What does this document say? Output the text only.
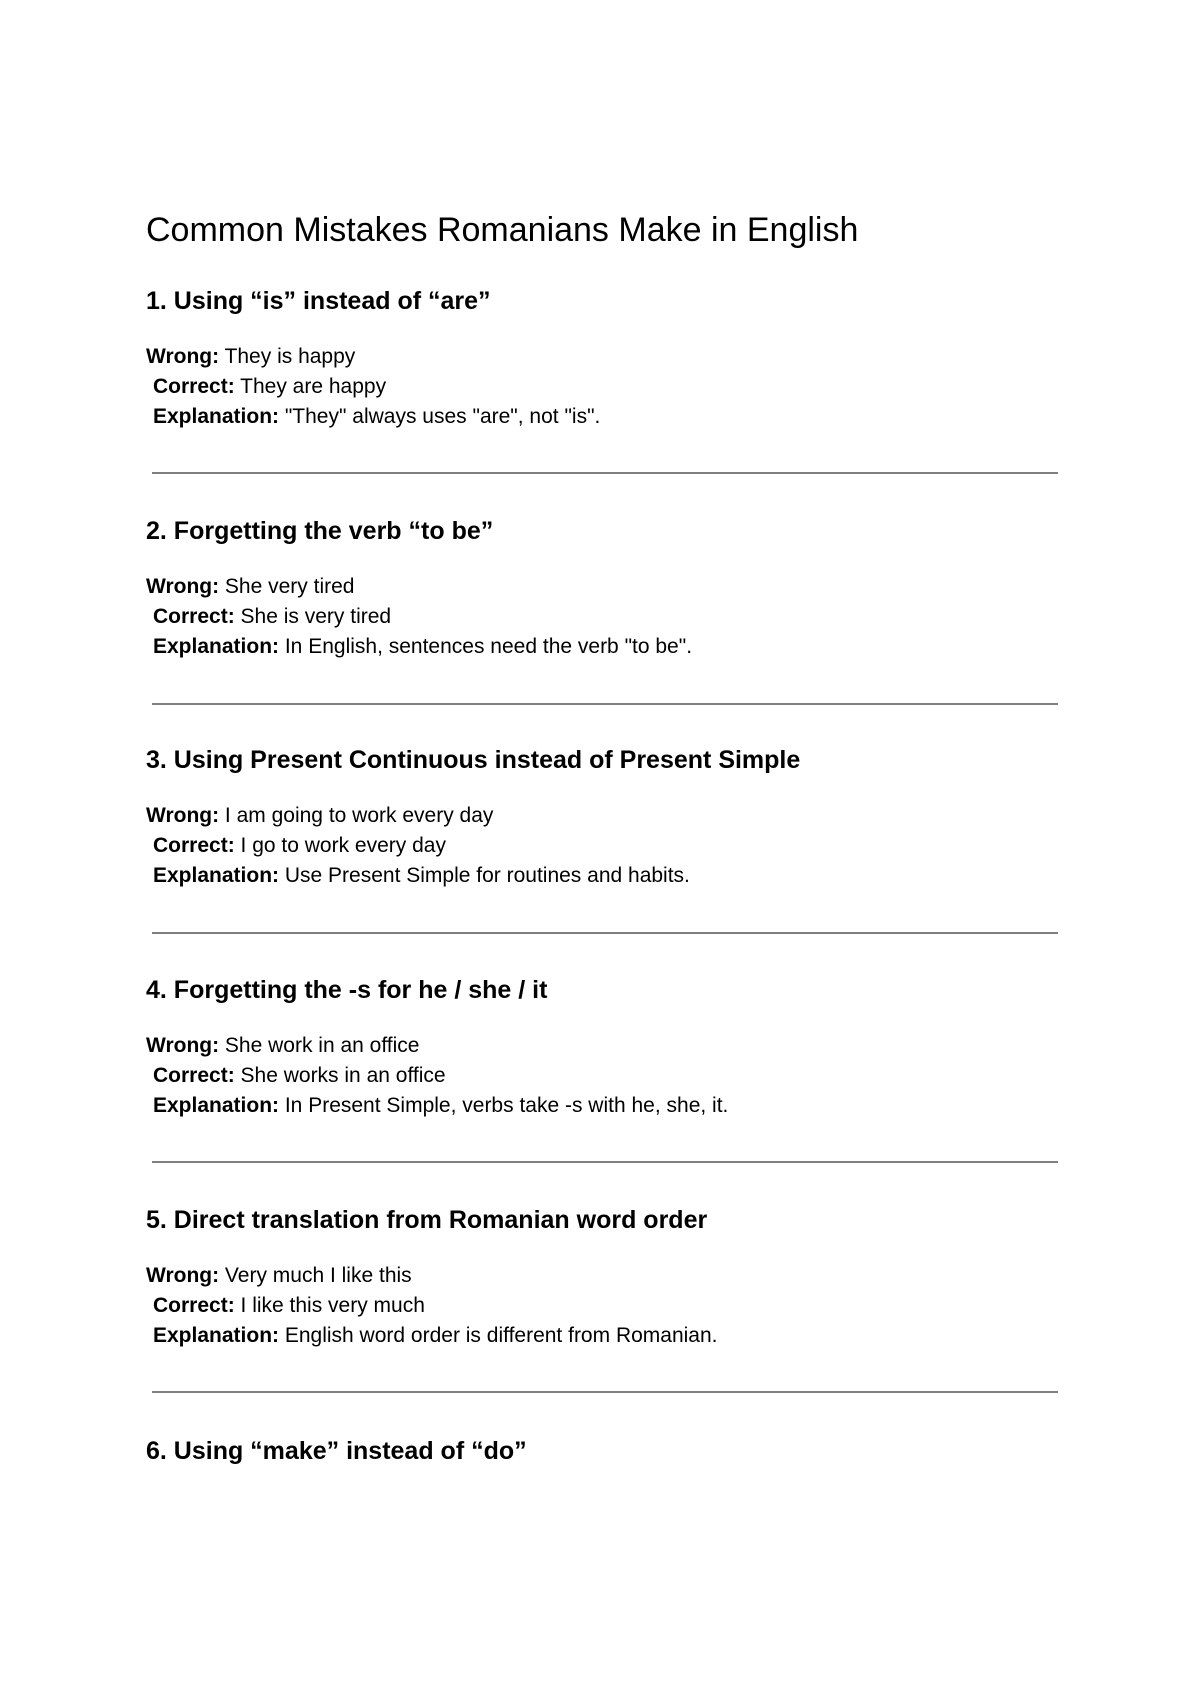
Common Mistakes Romanians Make in English
1. Using “is” instead of “are”
Wrong: They is happy
Correct: They are happy
Explanation: "They" always uses "are", not "is".
2. Forgetting the verb “to be”
Wrong: She very tired
Correct: She is very tired
Explanation: In English, sentences need the verb "to be".
3. Using Present Continuous instead of Present Simple
Wrong: I am going to work every day
Correct: I go to work every day
Explanation: Use Present Simple for routines and habits.
4. Forgetting the -s for he / she / it
Wrong: She work in an office
Correct: She works in an office
Explanation: In Present Simple, verbs take -s with he, she, it.
5. Direct translation from Romanian word order
Wrong: Very much I like this
Correct: I like this very much
Explanation: English word order is different from Romanian.
6. Using “make” instead of “do”
